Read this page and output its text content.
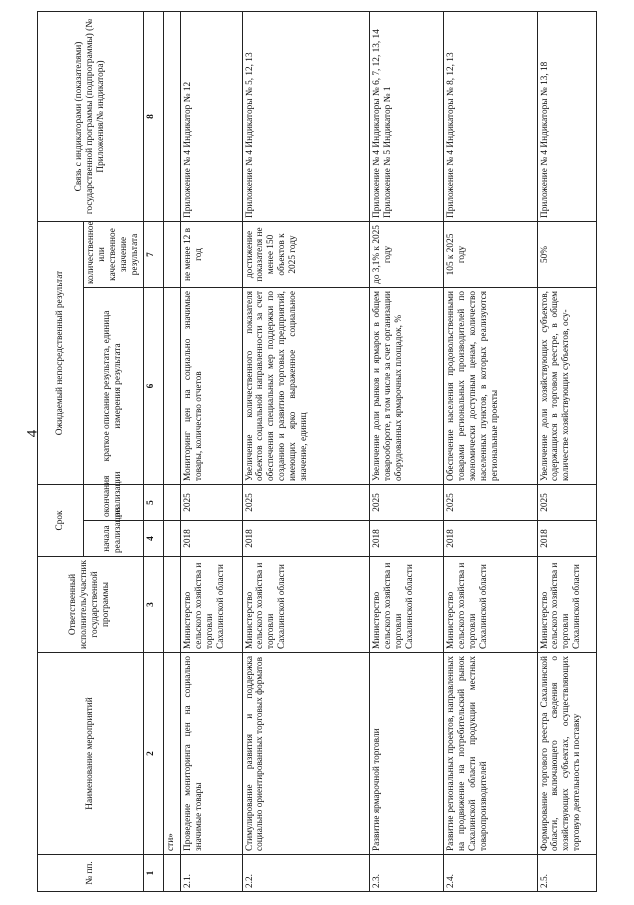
4
№ пп.	Наименование мероприятий	Ответственный исполнитель/участник государственной программы	Срок		Ожидаемый непосредственный результат		Связь с индикаторами (показателями) государственной программы (подпрограммы) (№ Приложения/№ индикатора)
			начала реализации	окончания реализации	краткое описание результата, единица измерения результата	количественное или качественное значение результата	
1	2	3	4	5	6	7	8
	сти»						
2.1.	Проведение мониторинга цен на социально значимые товары	Министерство сельского хозяйства и торговли Сахалинской области	2018	2025	Мониторинг цен на социально значимые товары, количество отчетов	не менее 12 в год	Приложение № 4 Индикатор № 12
2.2.	Стимулирование развития и поддержка социально ориентированных торговых форматов	Министерство сельского хозяйства и торговли Сахалинской области	2018	2025	Увеличение количественного показателя объектов социальной направленности за счет обеспечения специальных мер поддержки по созданию и развитию торговых предприятий, имеющих ярко выраженное социальное значение, единиц	достижение показателя не менее 150 объектов к 2025 году	Приложение № 4 Индикаторы № 5, 12, 13
2.3.	Развитие ярмарочной торговли	Министерство сельского хозяйства и торговли Сахалинской области	2018	2025	Увеличение доли рынков и ярмарок в общем товарообороте, в том числе за счет организации оборудованных ярмарочных площадок, %	до 3,1% к 2025 году	Приложение № 4 Индикаторы № 6, 7, 12, 13, 14 Приложение № 5 Индикатор № 1
2.4.	Развитие региональных проектов, направленных на продвижение на потребительский рынок Сахалинской области продукции местных товаропроизводителей	Министерство сельского хозяйства и торговли Сахалинской области	2018	2025	Обеспечение населения продовольственными товарами региональных производителей по экономически доступным ценам, количество населенных пунктов, в которых реализуются региональные проекты	105 к 2025 году	Приложение № 4 Индикаторы № 8, 12, 13
2.5.	Формирование торгового реестра Сахалинской области, включающего сведения о хозяйствующих субъектах, осуществляющих торговую деятельность и поставку	Министерство сельского хозяйства и торговли Сахалинской области	2018	2025	Увеличение доли хозяйствующих субъектов, содержащихся в торговом реестре, в общем количестве хозяйствующих субъектов, осу-	50%	Приложение № 4 Индикаторы № 13, 18
